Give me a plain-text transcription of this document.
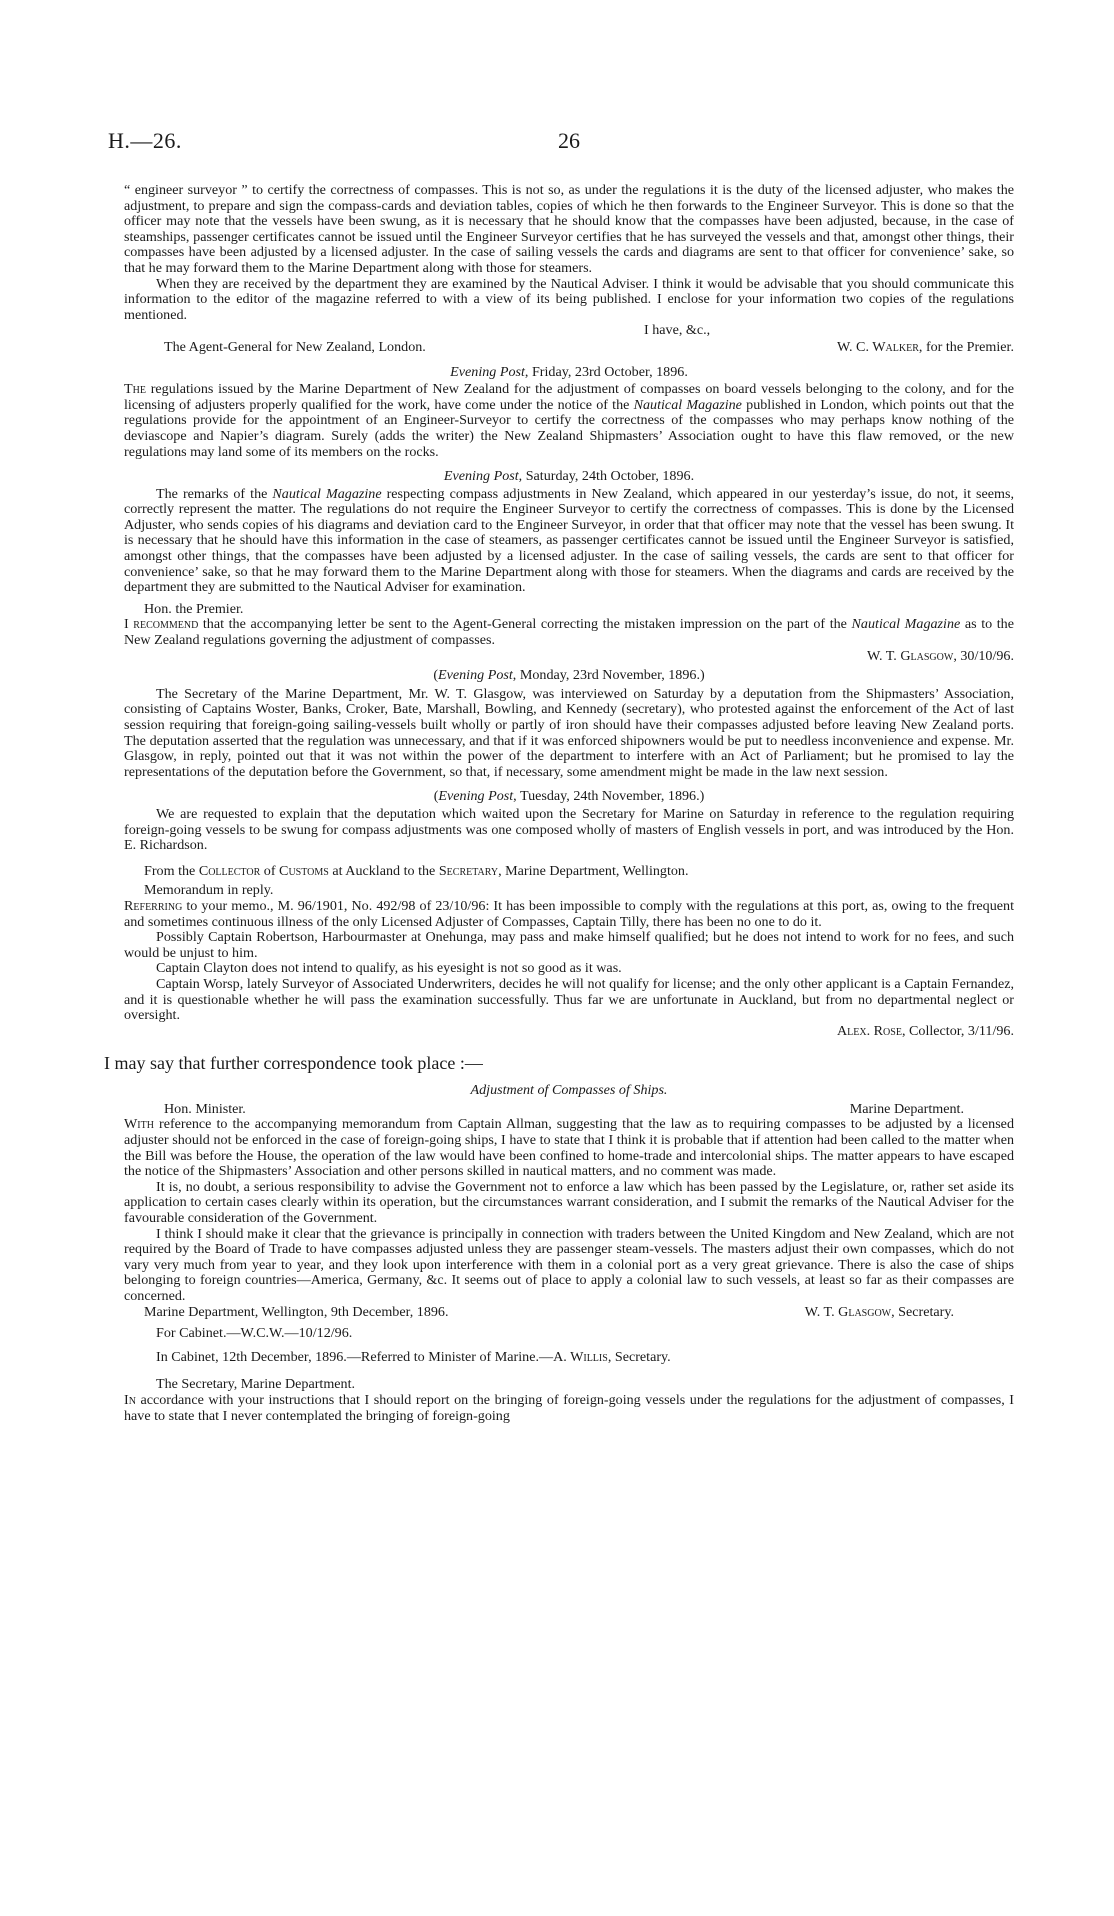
H.—26.	26

“ engineer surveyor ” to certify the correctness of compasses. This is not so, as under the regulations it is the duty of the licensed adjuster, who makes the adjustment, to prepare and sign the compass-cards and deviation tables, copies of which he then forwards to the Engineer Surveyor. This is done so that the officer may note that the vessels have been swung, as it is necessary that he should know that the compasses have been adjusted, because, in the case of steamships, passenger certificates cannot be issued until the Engineer Surveyor certifies that he has surveyed the vessels and that, amongst other things, their compasses have been adjusted by a licensed adjuster. In the case of sailing vessels the cards and diagrams are sent to that officer for convenience’ sake, so that he may forward them to the Marine Department along with those for steamers.

When they are received by the department they are examined by the Nautical Adviser. I think it would be advisable that you should communicate this information to the editor of the magazine referred to with a view of its being published. I enclose for your information two copies of the regulations mentioned.

I have, &c.,

The Agent-General for New Zealand, London.	W. C. Walker, for the Premier.

Evening Post, Friday, 23rd October, 1896.

The regulations issued by the Marine Department of New Zealand for the adjustment of compasses on board vessels belonging to the colony, and for the licensing of adjusters properly qualified for the work, have come under the notice of the Nautical Magazine published in London, which points out that the regulations provide for the appointment of an Engineer-Surveyor to certify the correctness of the compasses who may perhaps know nothing of the deviascope and Napier’s diagram. Surely (adds the writer) the New Zealand Shipmasters’ Association ought to have this flaw removed, or the new regulations may land some of its members on the rocks.

Evening Post, Saturday, 24th October, 1896.

The remarks of the Nautical Magazine respecting compass adjustments in New Zealand, which appeared in our yesterday’s issue, do not, it seems, correctly represent the matter. The regulations do not require the Engineer Surveyor to certify the correctness of compasses. This is done by the Licensed Adjuster, who sends copies of his diagrams and deviation card to the Engineer Surveyor, in order that that officer may note that the vessel has been swung. It is necessary that he should have this information in the case of steamers, as passenger certificates cannot be issued until the Engineer Surveyor is satisfied, amongst other things, that the compasses have been adjusted by a licensed adjuster. In the case of sailing vessels, the cards are sent to that officer for convenience’ sake, so that he may forward them to the Marine Department along with those for steamers. When the diagrams and cards are received by the department they are submitted to the Nautical Adviser for examination.

Hon. the Premier.

I recommend that the accompanying letter be sent to the Agent-General correcting the mistaken impression on the part of the Nautical Magazine as to the New Zealand regulations governing the adjustment of compasses.

W. T. Glasgow, 30/10/96.

(Evening Post, Monday, 23rd November, 1896.)

The Secretary of the Marine Department, Mr. W. T. Glasgow, was interviewed on Saturday by a deputation from the Shipmasters’ Association, consisting of Captains Woster, Banks, Croker, Bate, Marshall, Bowling, and Kennedy (secretary), who protested against the enforcement of the Act of last session requiring that foreign-going sailing-vessels built wholly or partly of iron should have their compasses adjusted before leaving New Zealand ports. The deputation asserted that the regulation was unnecessary, and that if it was enforced shipowners would be put to needless inconvenience and expense. Mr. Glasgow, in reply, pointed out that it was not within the power of the department to interfere with an Act of Parliament; but he promised to lay the representations of the deputation before the Government, so that, if necessary, some amendment might be made in the law next session.

(Evening Post, Tuesday, 24th November, 1896.)

We are requested to explain that the deputation which waited upon the Secretary for Marine on Saturday in reference to the regulation requiring foreign-going vessels to be swung for compass adjustments was one composed wholly of masters of English vessels in port, and was introduced by the Hon. E. Richardson.

From the Collector of Customs at Auckland to the Secretary, Marine Department, Wellington.

Memorandum in reply.

Referring to your memo., M. 96/1901, No. 492/98 of 23/10/96: It has been impossible to comply with the regulations at this port, as, owing to the frequent and sometimes continuous illness of the only Licensed Adjuster of Compasses, Captain Tilly, there has been no one to do it.

Possibly Captain Robertson, Harbourmaster at Onehunga, may pass and make himself qualified; but he does not intend to work for no fees, and such would be unjust to him.

Captain Clayton does not intend to qualify, as his eyesight is not so good as it was.

Captain Worsp, lately Surveyor of Associated Underwriters, decides he will not qualify for license; and the only other applicant is a Captain Fernandez, and it is questionable whether he will pass the examination successfully. Thus far we are unfortunate in Auckland, but from no departmental neglect or oversight.

Alex. Rose, Collector, 3/11/96.

I may say that further correspondence took place :—

Adjustment of Compasses of Ships.

Hon. Minister.	Marine Department.

With reference to the accompanying memorandum from Captain Allman, suggesting that the law as to requiring compasses to be adjusted by a licensed adjuster should not be enforced in the case of foreign-going ships, I have to state that I think it is probable that if attention had been called to the matter when the Bill was before the House, the operation of the law would have been confined to home-trade and intercolonial ships. The matter appears to have escaped the notice of the Shipmasters’ Association and other persons skilled in nautical matters, and no comment was made.

It is, no doubt, a serious responsibility to advise the Government not to enforce a law which has been passed by the Legislature, or, rather set aside its application to certain cases clearly within its operation, but the circumstances warrant consideration, and I submit the remarks of the Nautical Adviser for the favourable consideration of the Government.

I think I should make it clear that the grievance is principally in connection with traders between the United Kingdom and New Zealand, which are not required by the Board of Trade to have compasses adjusted unless they are passenger steam-vessels. The masters adjust their own compasses, which do not vary very much from year to year, and they look upon interference with them in a colonial port as a very great grievance. There is also the case of ships belonging to foreign countries—America, Germany, &c. It seems out of place to apply a colonial law to such vessels, at least so far as their compasses are concerned.

Marine Department, Wellington, 9th December, 1896.	W. T. Glasgow, Secretary.

For Cabinet.—W.C.W.—10/12/96.

In Cabinet, 12th December, 1896.—Referred to Minister of Marine.—A. Willis, Secretary.

The Secretary, Marine Department.

In accordance with your instructions that I should report on the bringing of foreign-going vessels under the regulations for the adjustment of compasses, I have to state that I never contemplated the bringing of foreign-going
